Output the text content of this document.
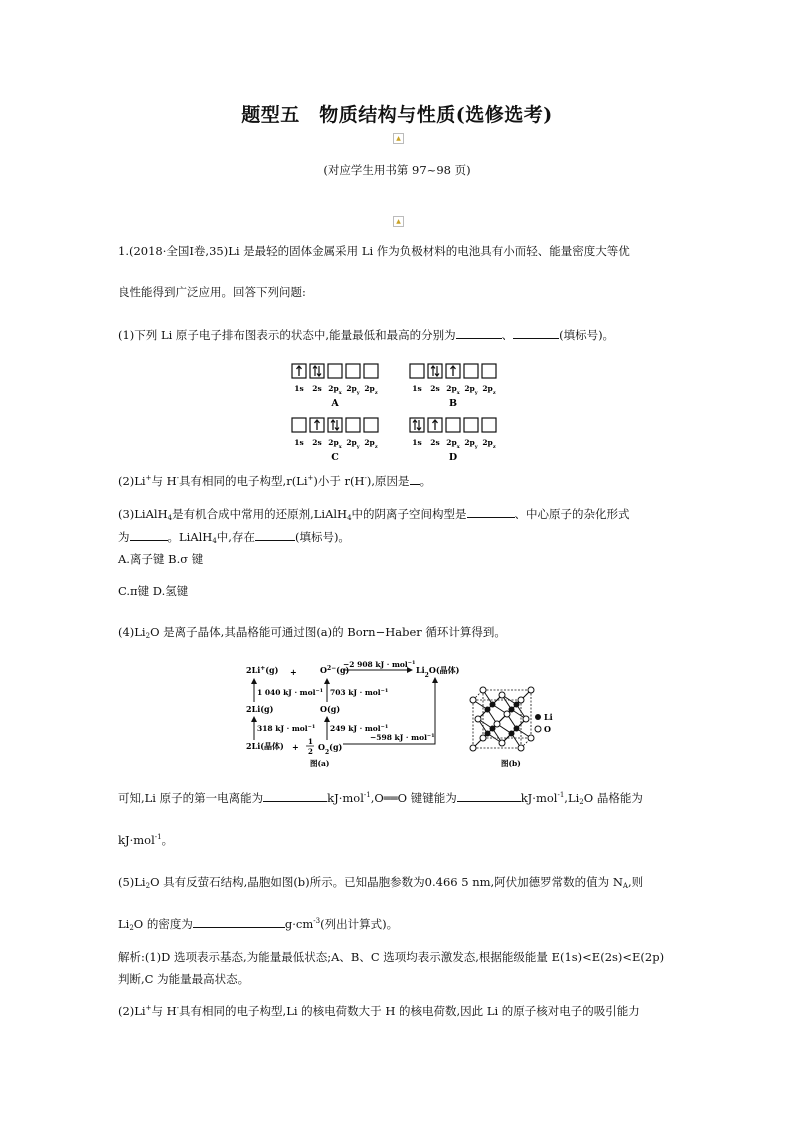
题型五　物质结构与性质(选修选考)
▲
(对应学生用书第 97~98 页)
▲
1.(2018·全国Ⅰ卷,35)Li 是最轻的固体金属采用 Li 作为负极材料的电池具有小而轻、能量密度大等优
良性能得到广泛应用。回答下列问题:
(1)下列 Li 原子电子排布图表示的状态中,能量最低和最高的分别为	、	(填标号)。
1s 2s $2p_x$ $2p_y$ $2p_z$
A
1s 2s $2p_x$ $2p_y$ $2p_z$
B
1s 2s $2p_x$ $2p_y$ $2p_z$
C
1s 2s $2p_x$ $2p_y$ $2p_z$
D
(2)Li+与 H-具有相同的电子构型,r(Li+)小于 r(H-),原因是 。
(3)LiAlH$_4$是有机合成中常用的还原剂,LiAlH$_4$中的阴离子空间构型是	、中心原子的杂化形式
为	。LiAlH$_4$中,存在	(填标号)。
A.离子键 B.σ 键
C.π键 D.氢键
$(4)Li_2O$ 是离子晶体,其晶格能可通过图(a)的 Born−Haber 循环计算得到。
2Li+(g) +	$O^{2-}(g)$
−2 908 kJ · mol$^{-1}$
$Li_2O$(晶体)
1 040 kJ · mol$^{-1}$ 703 kJ · mol$^{-1}$
2Li(g)	O(g)
318 kJ · mol$^{-1}$ 249 kJ · mol$^{-1}$
2Li(晶体) +
1
2 $O_2(g)$
−598 kJ · mol$^{-1}$
图(a)	图(b)
Li
O
可知,Li 原子的第一电离能为	kJ·mol$^{-1}$,O══O 键键能为	$kJ\cdot mol^{-1},Li_2O$ 晶格能为
kJ·mol$^{-1}$。
$(5)Li_2O$ 具有反萤石结构,晶胞如图(b)所示。已知晶胞参数为0.466 5 nm,阿伏加德罗常数的值为 $N_A$,则
$Li_2O$ 的密度为	$g\cdot cm^{-3}$(列出计算式)。
解析:(1)D 选项表示基态,为能量最低状态;A、B、C 选项均表示激发态,根据能级能量 E(1s)<E(2s)<E(2p)
判断,C 为能量最高状态。
(2)Li+与 H-具有相同的电子构型,Li 的核电荷数大于 H 的核电荷数,因此 Li 的原子核对电子的吸引能力
